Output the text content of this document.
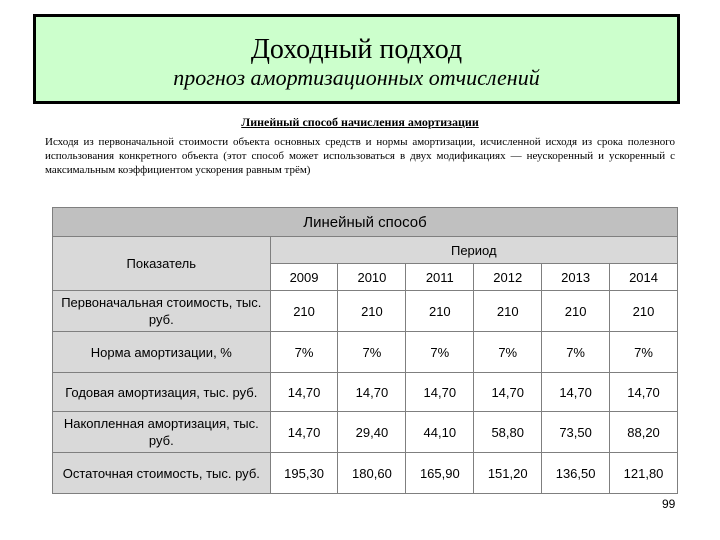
Доходный подход
прогноз амортизационных отчислений
Линейный способ начисления амортизации
Исходя из первоначальной стоимости объекта основных средств и нормы амортизации, исчисленной исходя из срока полезного использования конкретного объекта (этот способ может использоваться в двух модификациях — неускоренный и ускоренный с максимальным коэффициентом ускорения равным трём)
Линейный способ						
Показатель	Период					
	2009	2010	2011	2012	2013	2014
Первоначальная стоимость, тыс. руб.	210	210	210	210	210	210
Норма амортизации, %	7%	7%	7%	7%	7%	7%
Годовая амортизация, тыс. руб.	14,70	14,70	14,70	14,70	14,70	14,70
Накопленная амортизация, тыс. руб.	14,70	29,40	44,10	58,80	73,50	88,20
Остаточная стоимость, тыс. руб.	195,30	180,60	165,90	151,20	136,50	121,80
99
